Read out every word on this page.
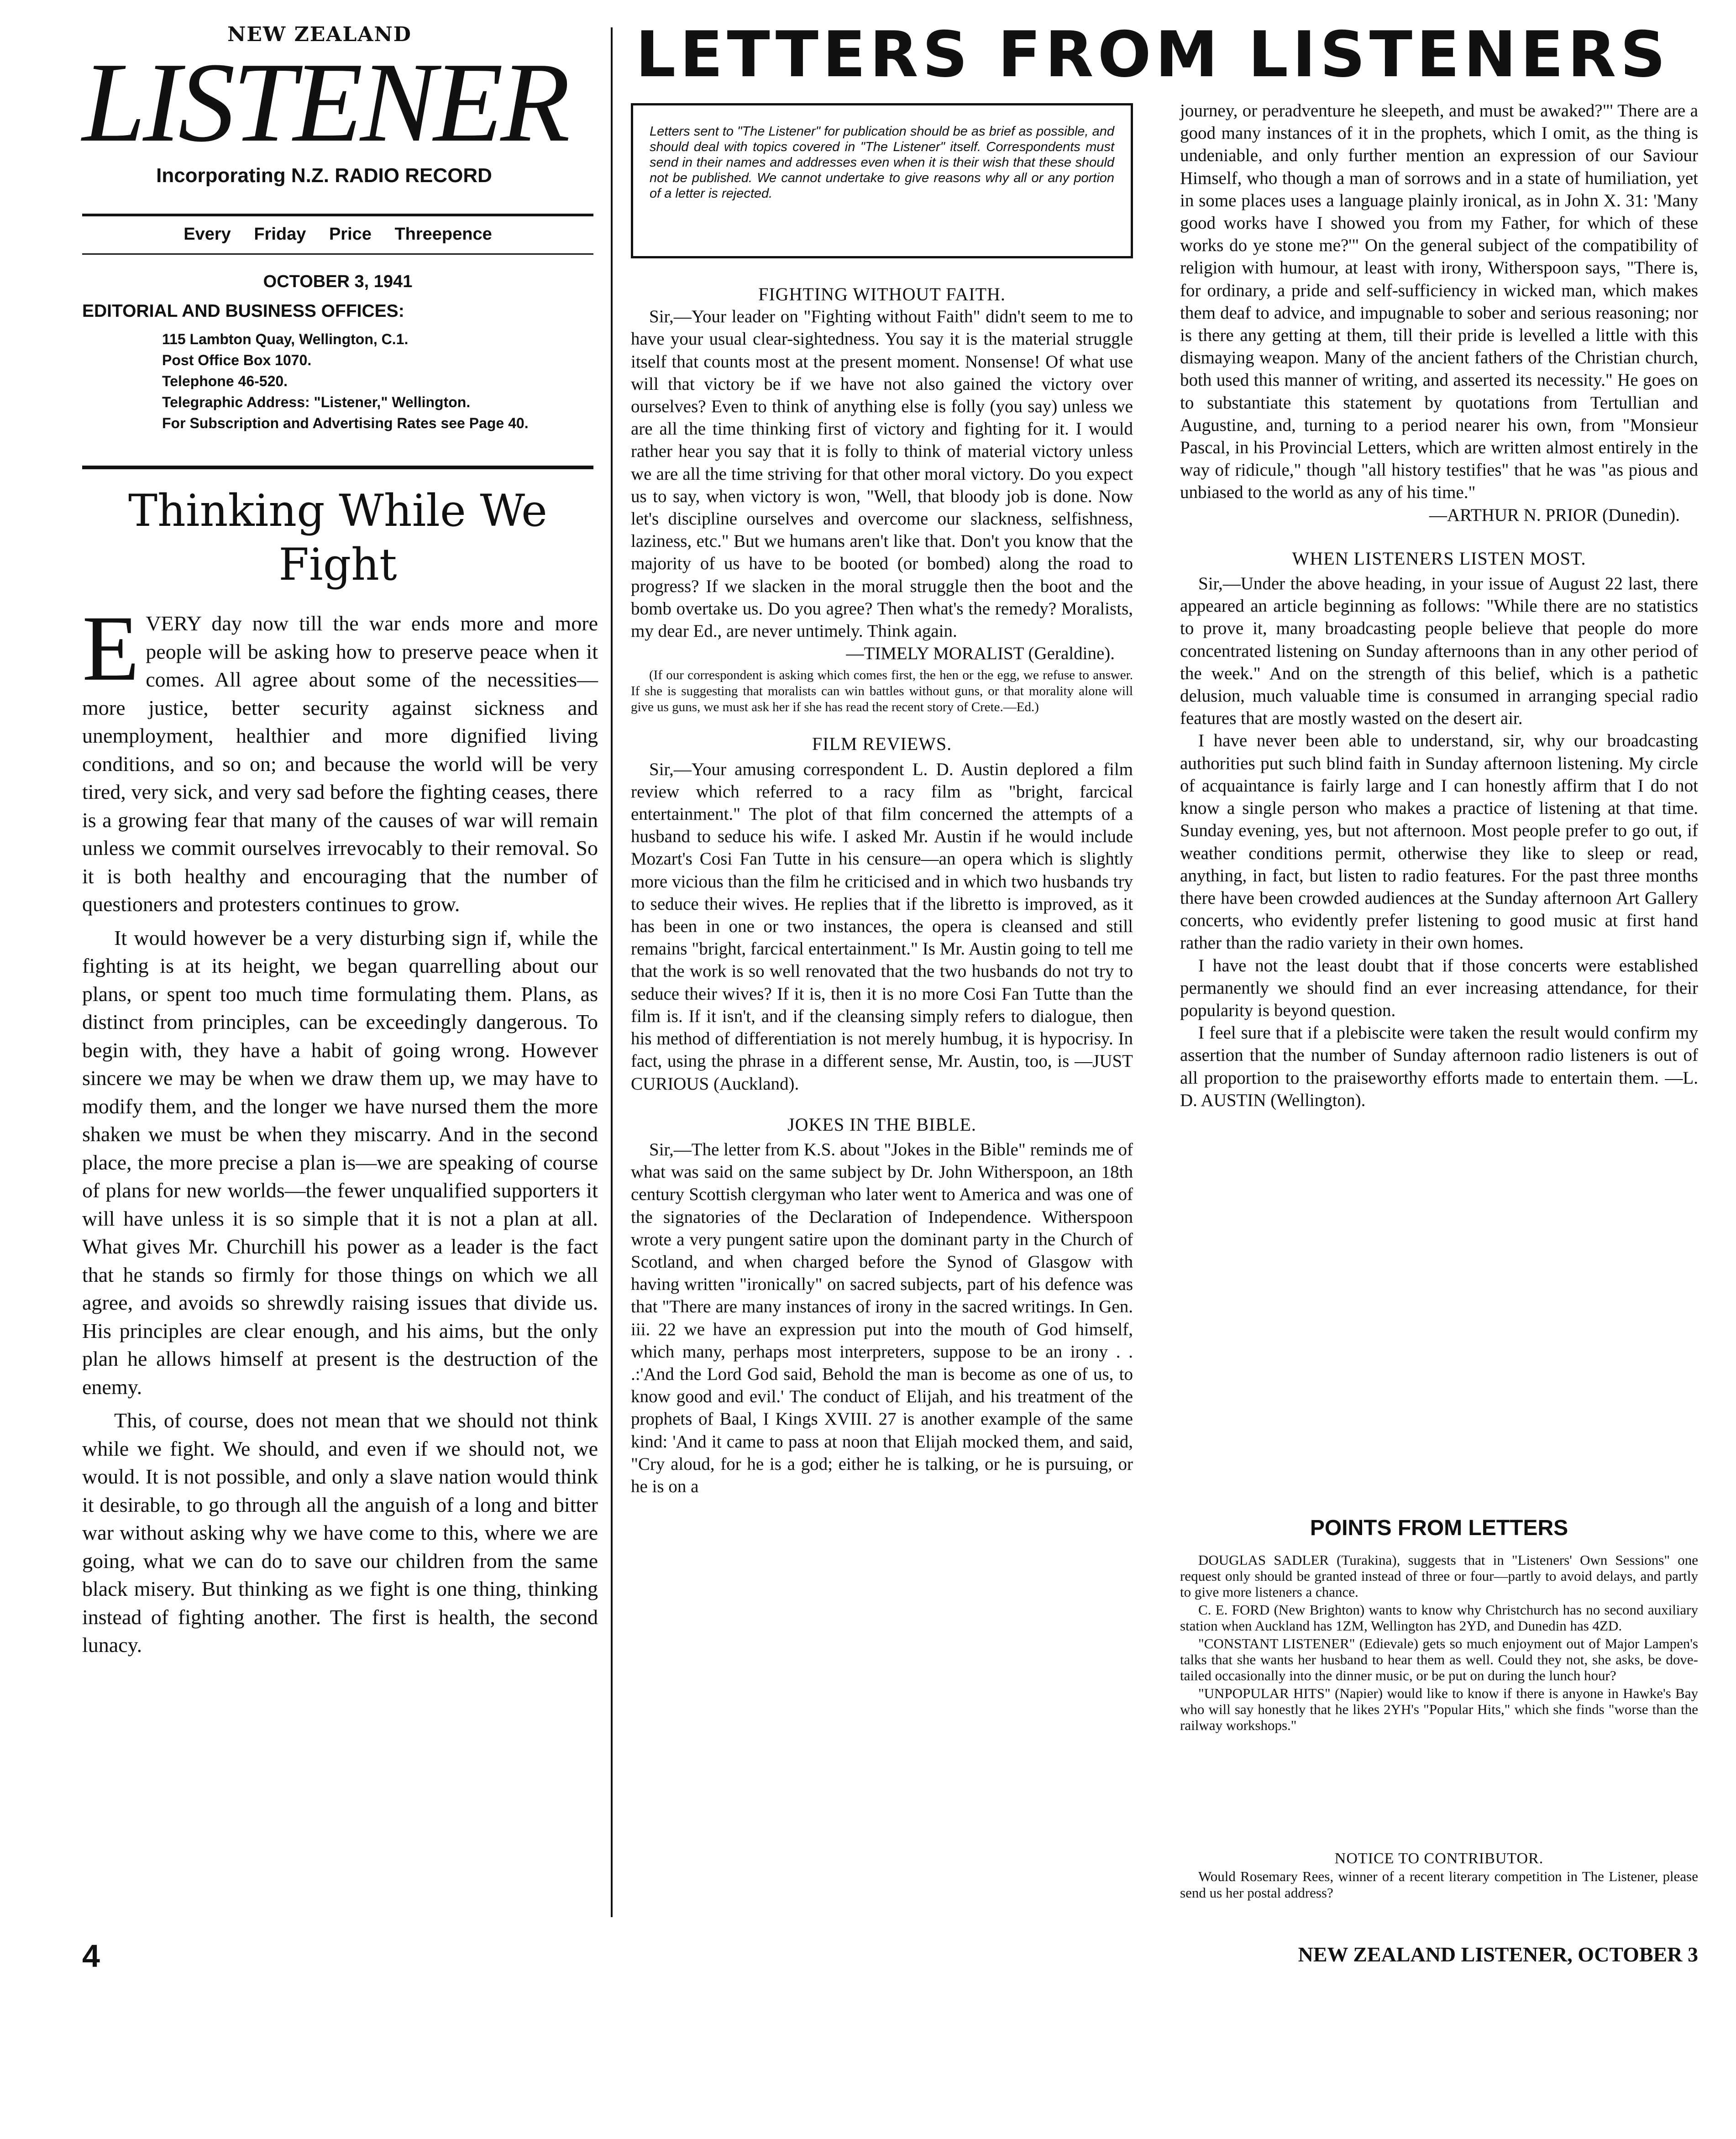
NEW ZEALAND
LISTENER
Incorporating N.Z. RADIO RECORD
Every Friday Price Threepence
OCTOBER 3, 1941
EDITORIAL AND BUSINESS OFFICES:
115 Lambton Quay, Wellington, C.1.
Post Office Box 1070.
Telephone 46-520.
Telegraphic Address: "Listener," Wellington.
For Subscription and Advertising Rates see Page 40.
Thinking While We Fight

EVERY day now till the war ends more and more people will be asking how to preserve peace when it comes. All agree about some of the necessities—more justice, better security against sickness and unemployment, healthier and more dignified living conditions, and so on; and because the world will be very tired, very sick, and very sad before the fighting ceases, there is a growing fear that many of the causes of war will remain unless we commit ourselves irrevocably to their removal. So it is both healthy and encouraging that the number of questioners and protesters continues to grow.

It would however be a very disturbing sign if, while the fighting is at its height, we began quarrelling about our plans, or spent too much time formulating them. Plans, as distinct from principles, can be exceedingly dangerous. To begin with, they have a habit of going wrong. However sincere we may be when we draw them up, we may have to modify them, and the longer we have nursed them the more shaken we must be when they miscarry. And in the second place, the more precise a plan is—we are speaking of course of plans for new worlds—the fewer unqualified supporters it will have unless it is so simple that it is not a plan at all. What gives Mr. Churchill his power as a leader is the fact that he stands so firmly for those things on which we all agree, and avoids so shrewdly raising issues that divide us. His principles are clear enough, and his aims, but the only plan he allows himself at present is the destruction of the enemy.

This, of course, does not mean that we should not think while we fight. We should, and even if we should not, we would. It is not possible, and only a slave nation would think it desirable, to go through all the anguish of a long and bitter war without asking why we have come to this, where we are going, what we can do to save our children from the same black misery. But thinking as we fight is one thing, thinking instead of fighting another. The first is health, the second lunacy.

LETTERS FROM LISTENERS

Letters sent to "The Listener" for publication should be as brief as possible, and should deal with topics covered in "The Listener" itself. Correspondents must send in their names and addresses even when it is their wish that these should not be published. We cannot undertake to give reasons why all or any portion of a letter is rejected.

FIGHTING WITHOUT FAITH.

Sir,—Your leader on "Fighting without Faith" didn't seem to me to have your usual clear-sightedness. You say it is the material struggle itself that counts most at the present moment. Nonsense! Of what use will that victory be if we have not also gained the victory over ourselves? Even to think of anything else is folly (you say) unless we are all the time thinking first of victory and fighting for it. I would rather hear you say that it is folly to think of material victory unless we are all the time striving for that other moral victory. Do you expect us to say, when victory is won, "Well, that bloody job is done. Now let's discipline ourselves and overcome our slackness, selfishness, laziness, etc." But we humans aren't like that. Don't you know that the majority of us have to be booted (or bombed) along the road to progress? If we slacken in the moral struggle then the boot and the bomb overtake us. Do you agree? Then what's the remedy? Moralists, my dear Ed., are never untimely. Think again.

—TIMELY MORALIST (Geraldine).

(If our correspondent is asking which comes first, the hen or the egg, we refuse to answer. If she is suggesting that moralists can win battles without guns, or that morality alone will give us guns, we must ask her if she has read the recent story of Crete.—Ed.)

FILM REVIEWS.

Sir,—Your amusing correspondent L. D. Austin deplored a film review which referred to a racy film as "bright, farcical entertainment." The plot of that film concerned the attempts of a husband to seduce his wife. I asked Mr. Austin if he would include Mozart's Cosi Fan Tutte in his censure—an opera which is slightly more vicious than the film he criticised and in which two husbands try to seduce their wives. He replies that if the libretto is improved, as it has been in one or two instances, the opera is cleansed and still remains "bright, farcical entertainment." Is Mr. Austin going to tell me that the work is so well renovated that the two husbands do not try to seduce their wives? If it is, then it is no more Cosi Fan Tutte than the film is. If it isn't, and if the cleansing simply refers to dialogue, then his method of differentiation is not merely humbug, it is hypocrisy. In fact, using the phrase in a different sense, Mr. Austin, too, is —JUST CURIOUS (Auckland).

JOKES IN THE BIBLE.

Sir,—The letter from K.S. about "Jokes in the Bible" reminds me of what was said on the same subject by Dr. John Witherspoon, an 18th century Scottish clergyman who later went to America and was one of the signatories of the Declaration of Independence. Witherspoon wrote a very pungent satire upon the dominant party in the Church of Scotland, and when charged before the Synod of Glasgow with having written "ironically" on sacred subjects, part of his defence was that "There are many instances of irony in the sacred writings. In Gen. iii. 22 we have an expression put into the mouth of God himself, which many, perhaps most interpreters, suppose to be an irony . . .:'And the Lord God said, Behold the man is become as one of us, to know good and evil.' The conduct of Elijah, and his treatment of the prophets of Baal, I Kings XVIII. 27 is another example of the same kind: 'And it came to pass at noon that Elijah mocked them, and said, "Cry aloud, for he is a god; either he is talking, or he is pursuing, or he is on a

journey, or peradventure he sleepeth, and must be awaked?"' There are a good many instances of it in the prophets, which I omit, as the thing is undeniable, and only further mention an expression of our Saviour Himself, who though a man of sorrows and in a state of humiliation, yet in some places uses a language plainly ironical, as in John X. 31: 'Many good works have I showed you from my Father, for which of these works do ye stone me?'" On the general subject of the compatibility of religion with humour, at least with irony, Witherspoon says, "There is, for ordinary, a pride and self-sufficiency in wicked man, which makes them deaf to advice, and impugnable to sober and serious reasoning; nor is there any getting at them, till their pride is levelled a little with this dismaying weapon. Many of the ancient fathers of the Christian church, both used this manner of writing, and asserted its necessity." He goes on to substantiate this statement by quotations from Tertullian and Augustine, and, turning to a period nearer his own, from "Monsieur Pascal, in his Provincial Letters, which are written almost entirely in the way of ridicule," though "all history testifies" that he was "as pious and unbiased to the world as any of his time."

—ARTHUR N. PRIOR (Dunedin).

WHEN LISTENERS LISTEN MOST.

Sir,—Under the above heading, in your issue of August 22 last, there appeared an article beginning as follows: "While there are no statistics to prove it, many broadcasting people believe that people do more concentrated listening on Sunday afternoons than in any other period of the week." And on the strength of this belief, which is a pathetic delusion, much valuable time is consumed in arranging special radio features that are mostly wasted on the desert air.

I have never been able to understand, sir, why our broadcasting authorities put such blind faith in Sunday afternoon listening. My circle of acquaintance is fairly large and I can honestly affirm that I do not know a single person who makes a practice of listening at that time. Sunday evening, yes, but not afternoon. Most people prefer to go out, if weather conditions permit, otherwise they like to sleep or read, anything, in fact, but listen to radio features. For the past three months there have been crowded audiences at the Sunday afternoon Art Gallery concerts, who evidently prefer listening to good music at first hand rather than the radio variety in their own homes.

I have not the least doubt that if those concerts were established permanently we should find an ever increasing attendance, for their popularity is beyond question.

I feel sure that if a plebiscite were taken the result would confirm my assertion that the number of Sunday afternoon radio listeners is out of all proportion to the praiseworthy efforts made to entertain them. —L. D. AUSTIN (Wellington).

POINTS FROM LETTERS

DOUGLAS SADLER (Turakina), suggests that in "Listeners' Own Sessions" one request only should be granted instead of three or four—partly to avoid delays, and partly to give more listeners a chance.

C. E. FORD (New Brighton) wants to know why Christchurch has no second auxiliary station when Auckland has 1ZM, Wellington has 2YD, and Dunedin has 4ZD.

"CONSTANT LISTENER" (Edievale) gets so much enjoyment out of Major Lampen's talks that she wants her husband to hear them as well. Could they not, she asks, be dove-tailed occasionally into the dinner music, or be put on during the lunch hour?

"UNPOPULAR HITS" (Napier) would like to know if there is anyone in Hawke's Bay who will say honestly that he likes 2YH's "Popular Hits," which she finds "worse than the railway workshops."

NOTICE TO CONTRIBUTOR.
Would Rosemary Rees, winner of a recent literary competition in The Listener, please send us her postal address?
4	NEW ZEALAND LISTENER, OCTOBER 3
